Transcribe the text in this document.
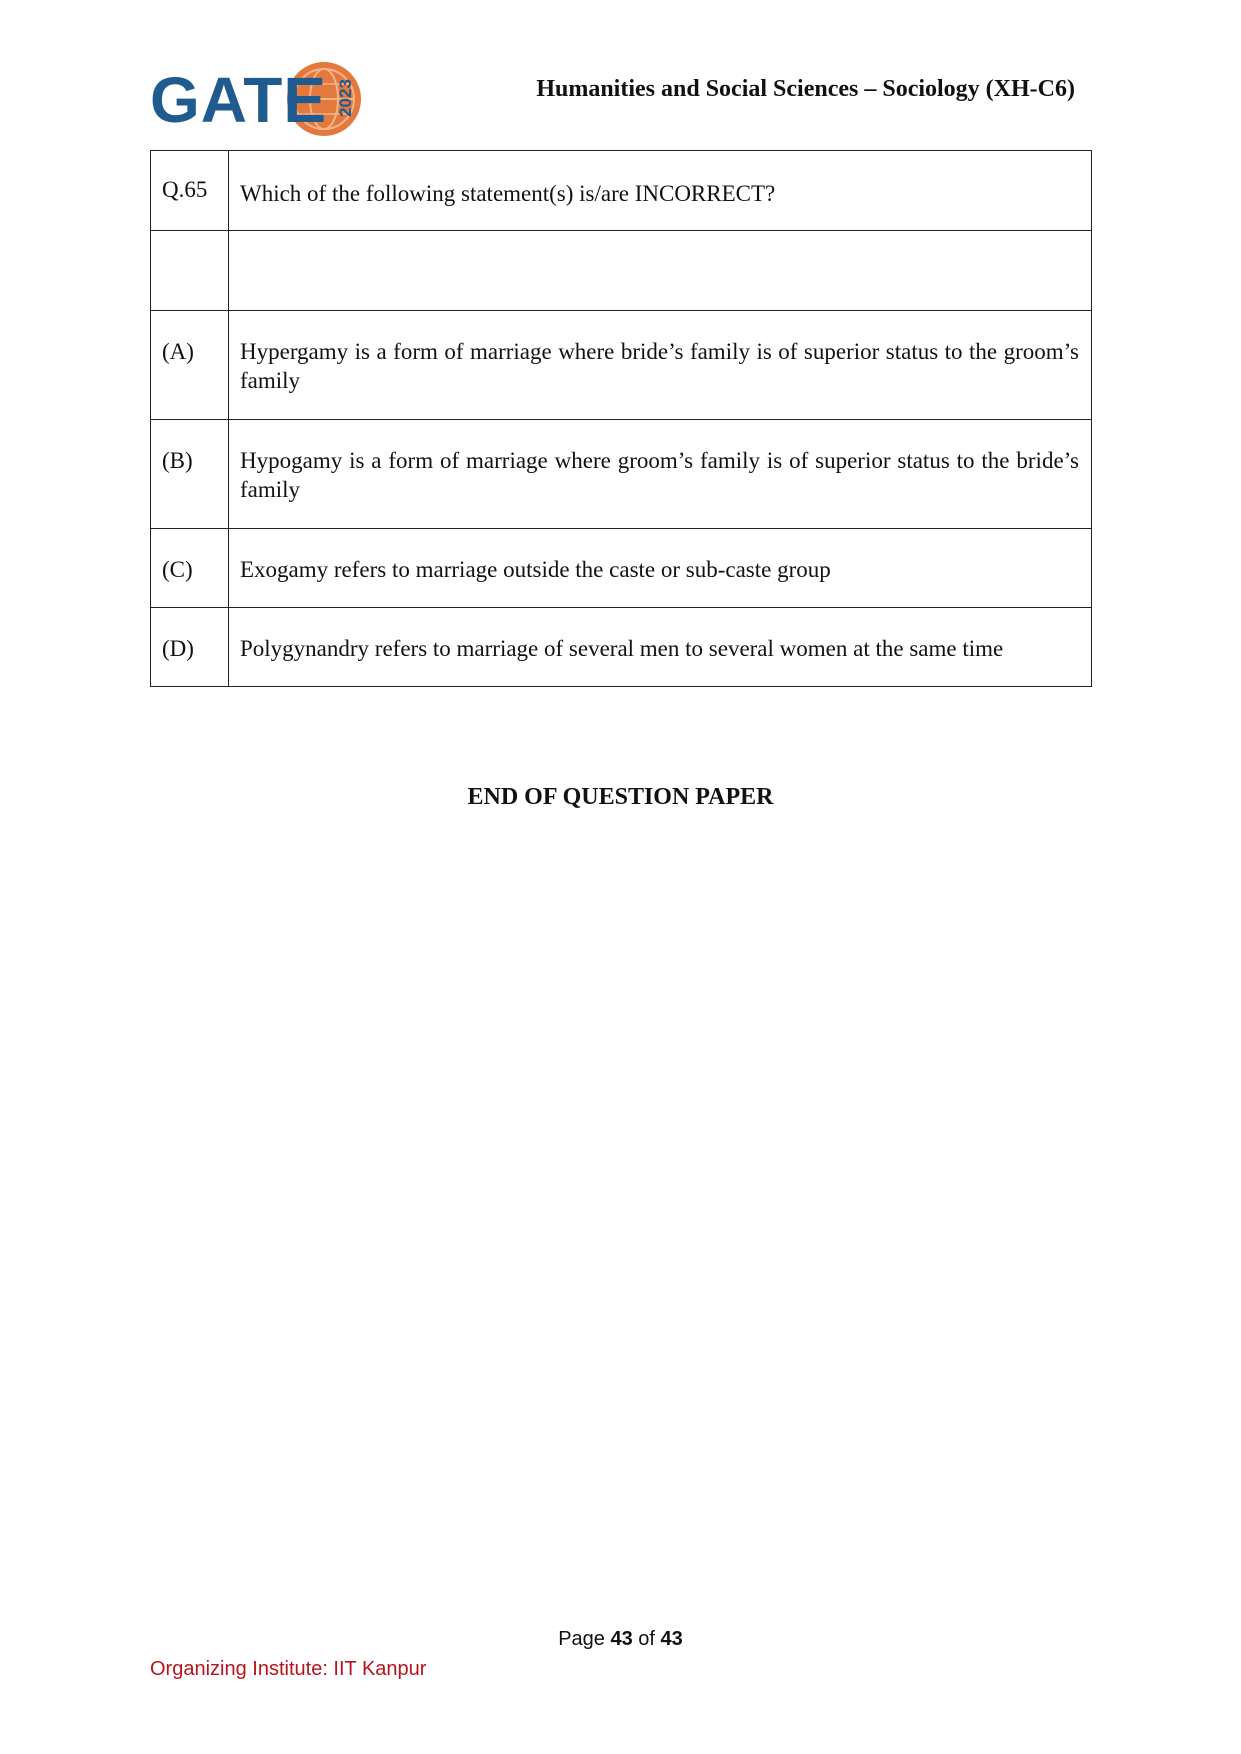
GATE 2023	Humanities and Social Sciences – Sociology (XH-C6)
Q.65	Which of the following statement(s) is/are INCORRECT?

(A)	Hypergamy is a form of marriage where bride’s family is of superior status to the groom’s family
(B)	Hypogamy is a form of marriage where groom’s family is of superior status to the bride’s family
(C)	Exogamy refers to marriage outside the caste or sub-caste group
(D)	Polygynandry refers to marriage of several men to several women at the same time
END OF QUESTION PAPER
Page 43 of 43
Organizing Institute: IIT Kanpur
